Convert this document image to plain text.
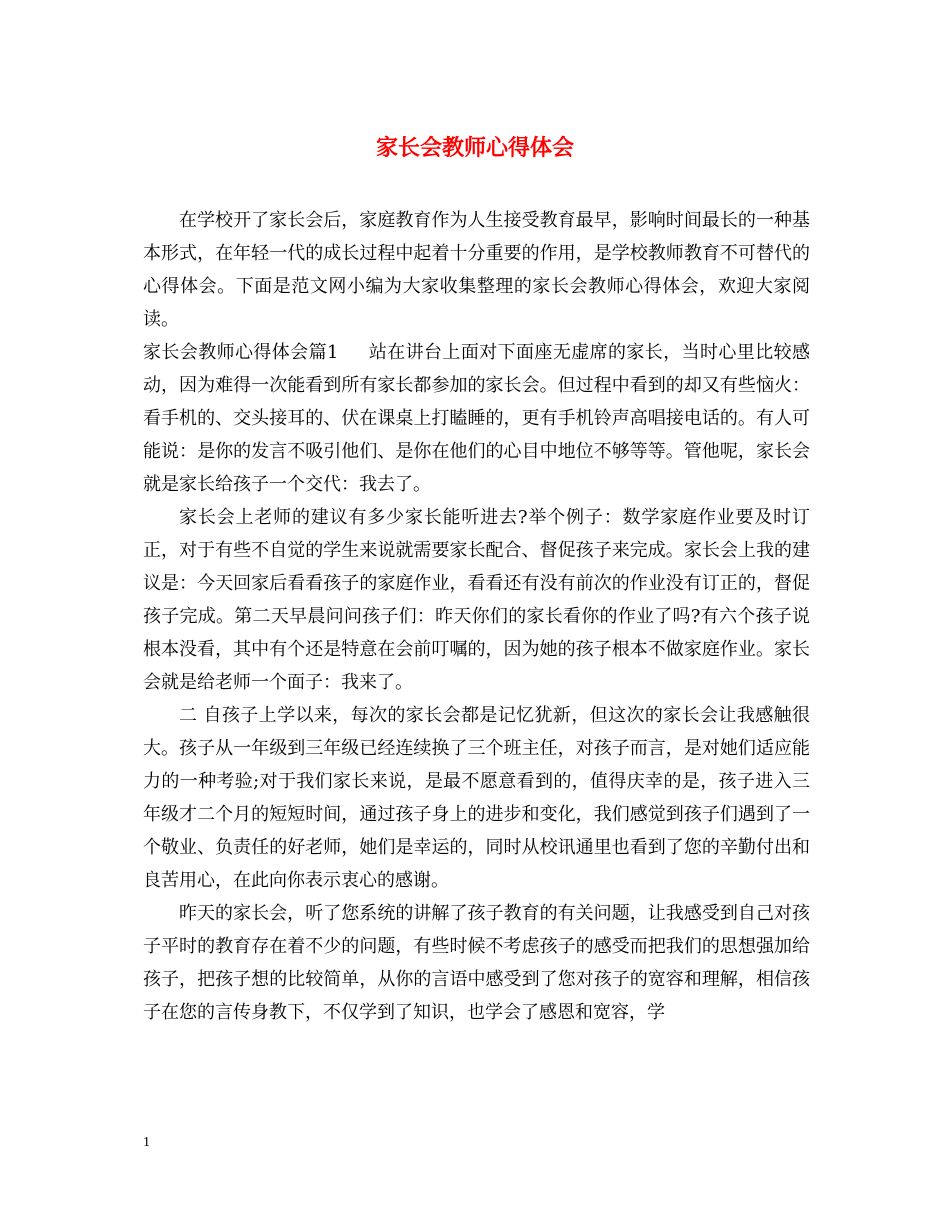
家长会教师心得体会

在学校开了家长会后，家庭教育作为人生接受教育最早，影响时间最长的一种基本形式，在年轻一代的成长过程中起着十分重要的作用，是学校教师教育不可替代的心得体会。下面是范文网小编为大家收集整理的家长会教师心得体会，欢迎大家阅读。

家长会教师心得体会篇1 站在讲台上面对下面座无虚席的家长，当时心里比较感动，因为难得一次能看到所有家长都参加的家长会。但过程中看到的却又有些恼火：看手机的、交头接耳的、伏在课桌上打瞌睡的，更有手机铃声高唱接电话的。有人可能说：是你的发言不吸引他们、是你在他们的心目中地位不够等等。管他呢，家长会就是家长给孩子一个交代：我去了。

家长会上老师的建议有多少家长能听进去?举个例子：数学家庭作业要及时订正，对于有些不自觉的学生来说就需要家长配合、督促孩子来完成。家长会上我的建议是：今天回家后看看孩子的家庭作业，看看还有没有前次的作业没有订正的，督促孩子完成。第二天早晨问问孩子们：昨天你们的家长看你的作业了吗?有六个孩子说根本没看，其中有个还是特意在会前叮嘱的，因为她的孩子根本不做家庭作业。家长会就是给老师一个面子：我来了。

二 自孩子上学以来，每次的家长会都是记忆犹新，但这次的家长会让我感触很大。孩子从一年级到三年级已经连续换了三个班主任，对孩子而言，是对她们适应能力的一种考验;对于我们家长来说，是最不愿意看到的，值得庆幸的是，孩子进入三年级才二个月的短短时间，通过孩子身上的进步和变化，我们感觉到孩子们遇到了一个敬业、负责任的好老师，她们是幸运的，同时从校讯通里也看到了您的辛勤付出和良苦用心，在此向你表示衷心的感谢。

昨天的家长会，听了您系统的讲解了孩子教育的有关问题，让我感受到自己对孩子平时的教育存在着不少的问题，有些时候不考虑孩子的感受而把我们的思想强加给孩子，把孩子想的比较简单，从你的言语中感受到了您对孩子的宽容和理解，相信孩子在您的言传身教下，不仅学到了知识，也学会了感恩和宽容，学

1
